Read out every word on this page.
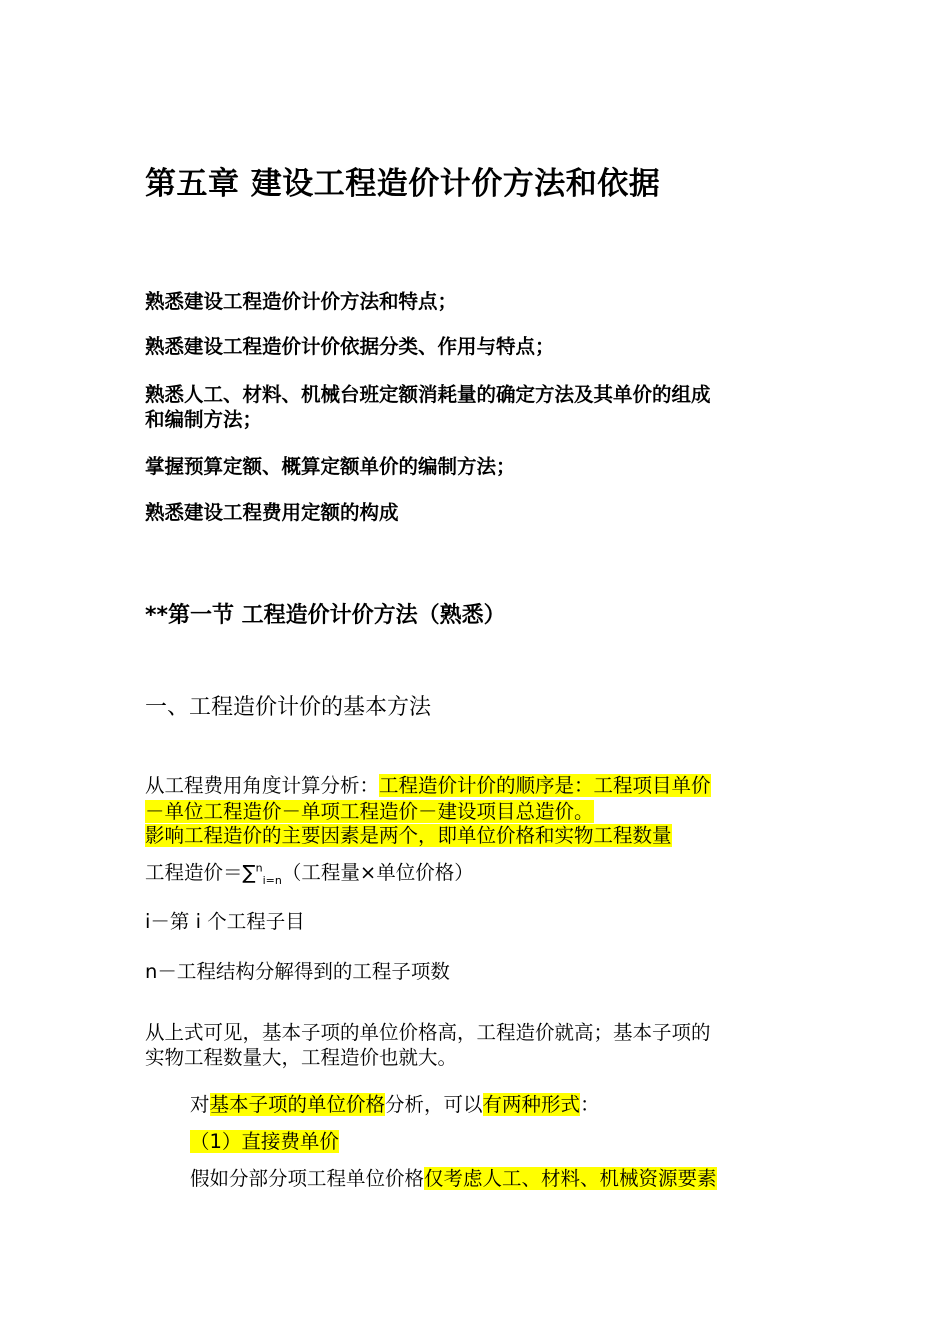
第五章 建设工程造价计价方法和依据
熟悉建设工程造价计价方法和特点；
熟悉建设工程造价计价依据分类、作用与特点；
熟悉人工、材料、机械台班定额消耗量的确定方法及其单价的组成
和编制方法；
掌握预算定额、概算定额单价的编制方法；
熟悉建设工程费用定额的构成
**第一节 工程造价计价方法（熟悉）
一、工程造价计价的基本方法
从工程费用角度计算分析：工程造价计价的顺序是：工程项目单价
－单位工程造价－单项工程造价－建设项目总造价。
影响工程造价的主要因素是两个，即单位价格和实物工程数量
工程造价＝∑$^n_{i=n}$（工程量×单位价格）
i－第 i 个工程子目
n－工程结构分解得到的工程子项数
从上式可见，基本子项的单位价格高，工程造价就高；基本子项的
实物工程数量大，工程造价也就大。
对基本子项的单位价格分析，可以有两种形式：
（1）直接费单价
假如分部分项工程单位价格仅考虑人工、材料、机械资源要素
